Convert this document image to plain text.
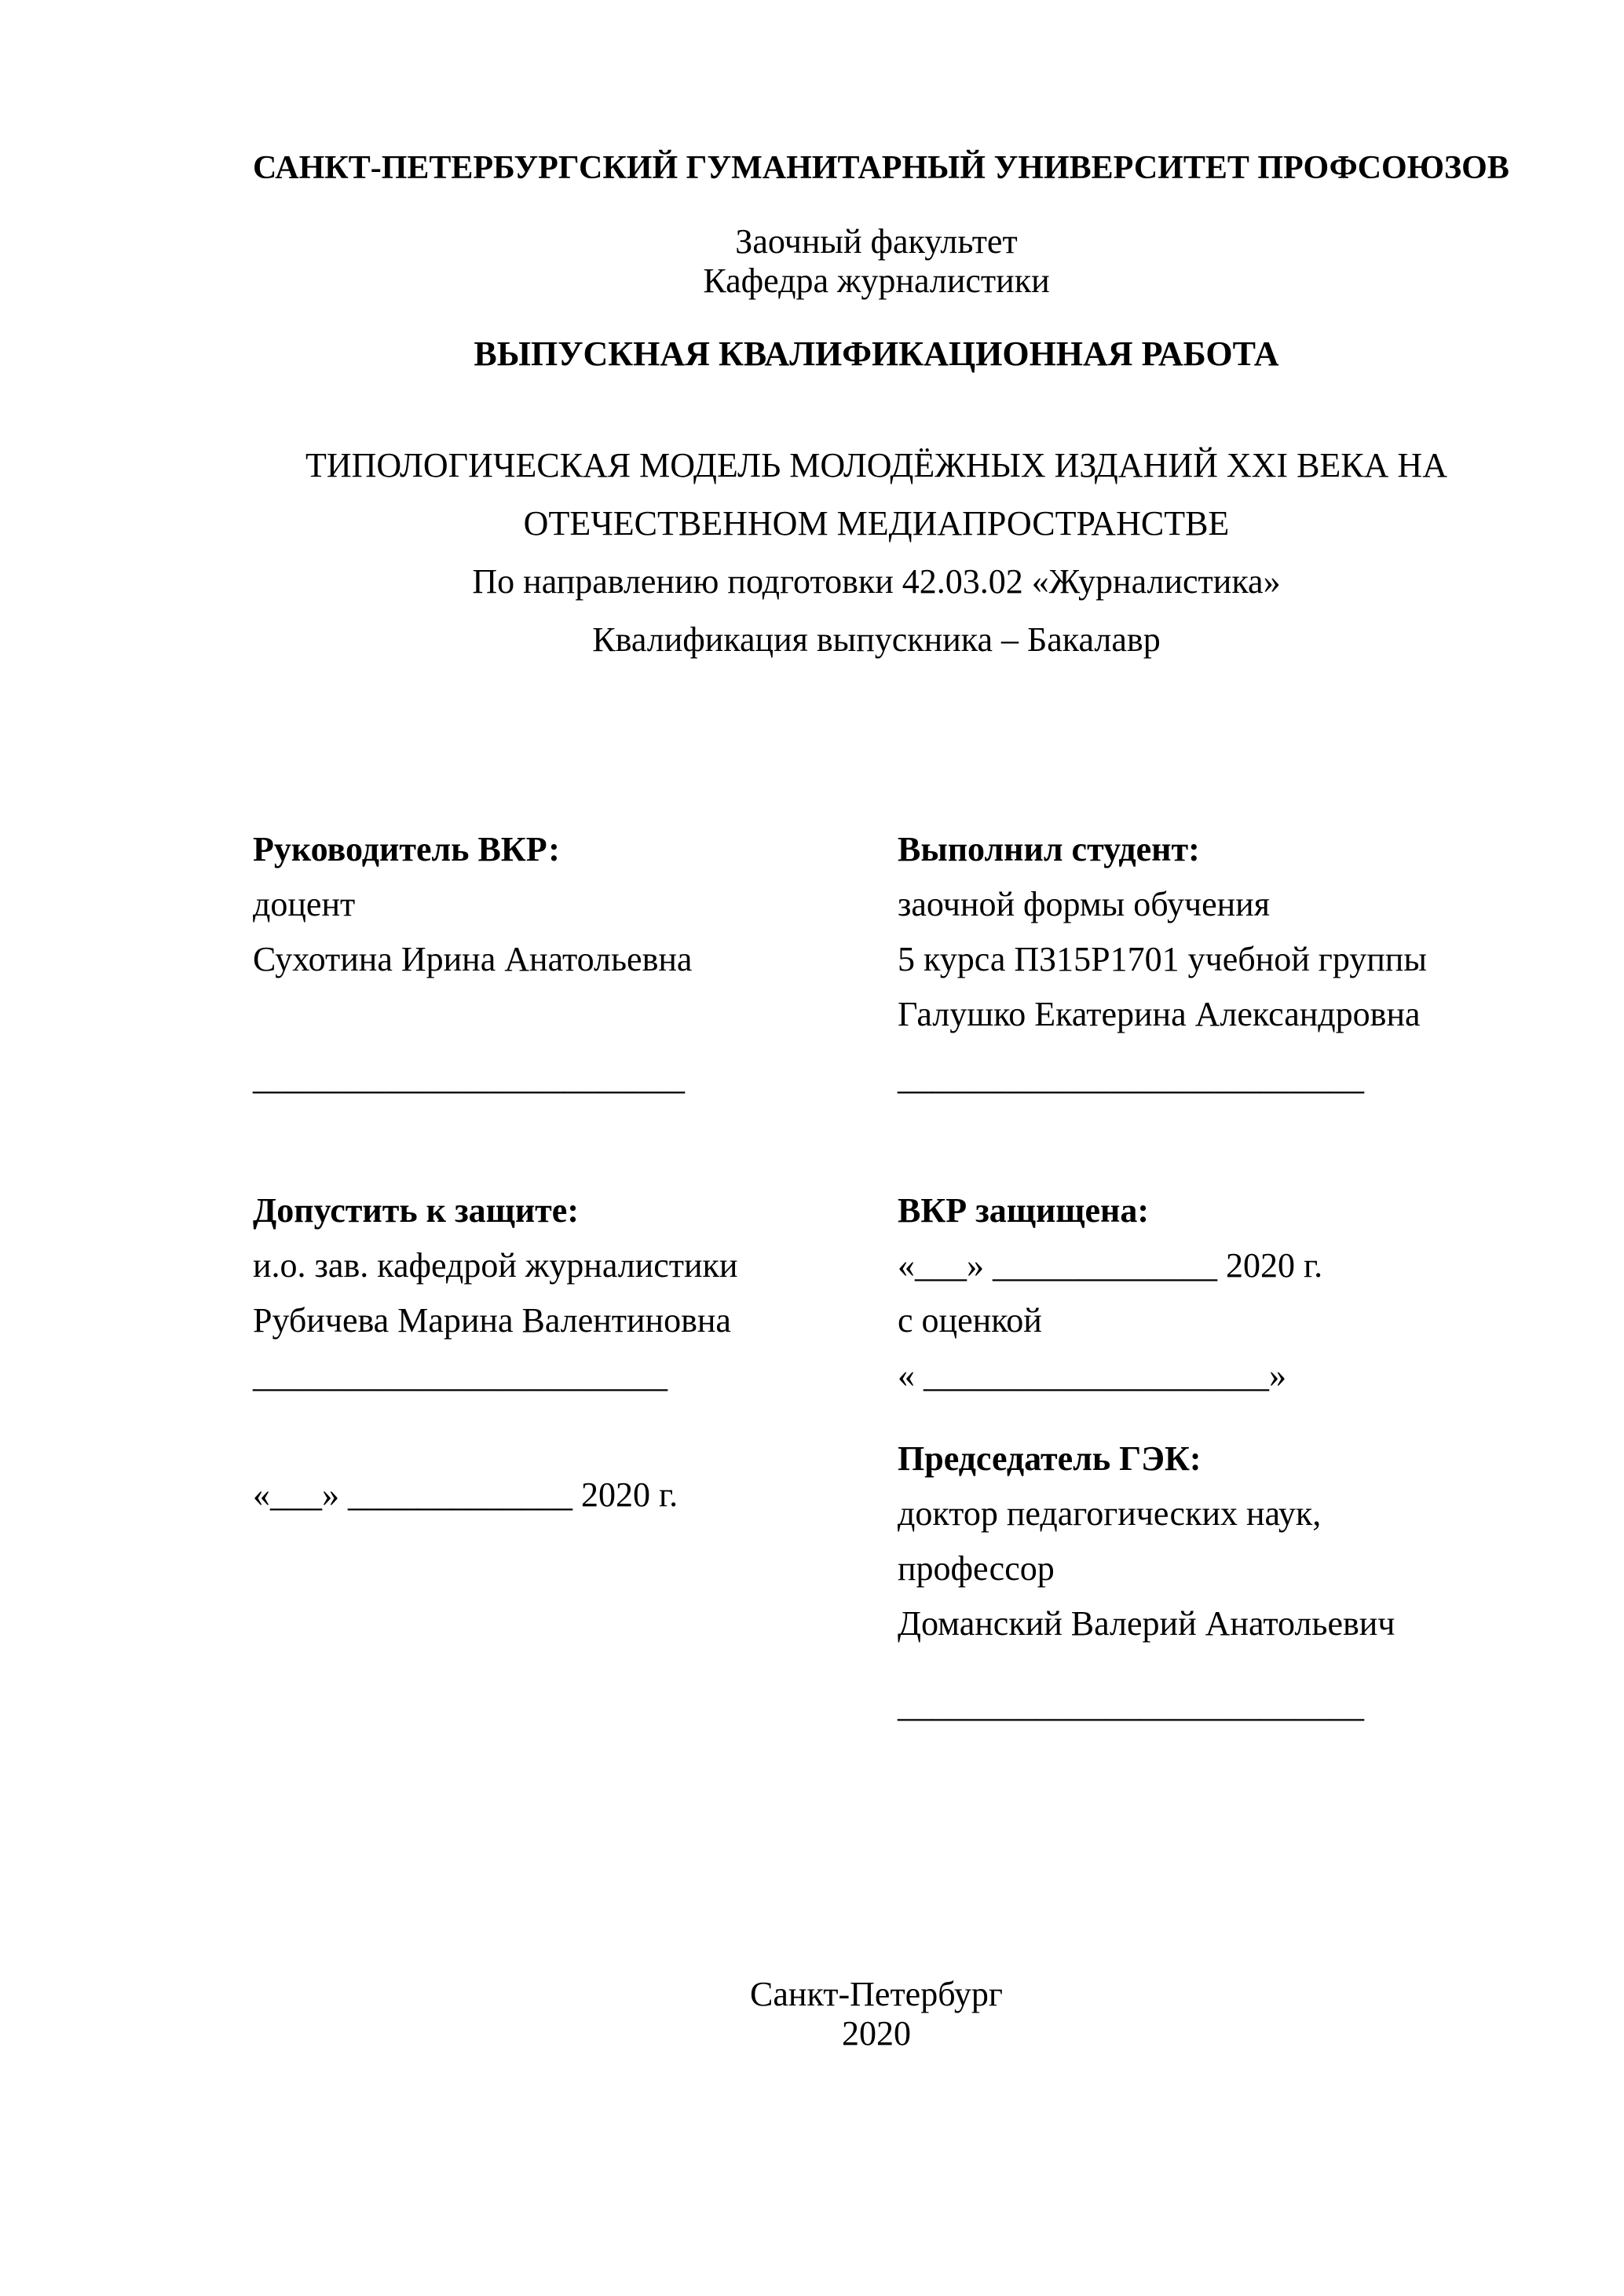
САНКТ-ПЕТЕРБУРГСКИЙ ГУМАНИТАРНЫЙ УНИВЕРСИТЕТ ПРОФСОЮЗОВ
Заочный факультет
Кафедра журналистики
ВЫПУСКНАЯ КВАЛИФИКАЦИОННАЯ РАБОТА
ТИПОЛОГИЧЕСКАЯ МОДЕЛЬ МОЛОДЁЖНЫХ ИЗДАНИЙ XXI ВЕКА НА
ОТЕЧЕСТВЕННОМ МЕДИАПРОСТРАНСТВЕ
По направлению подготовки 42.03.02 «Журналистика»
Квалификация выпускника – Бакалавр
Руководитель ВКР:
доцент
Сухотина Ирина Анатольевна
_________________________
Выполнил студент:
заочной формы обучения
5 курса ПЗ15Р1701 учебной группы
Галушко Екатерина Александровна
___________________________
Допустить к защите:
и.о. зав. кафедрой журналистики
Рубичева Марина Валентиновна
________________________
«___» _____________ 2020 г.
ВКР защищена:
«___» _____________ 2020 г.
с оценкой
« ____________________»
Председатель ГЭК:
доктор педагогических наук,
профессор
Доманский Валерий Анатольевич
___________________________
Санкт-Петербург
2020
